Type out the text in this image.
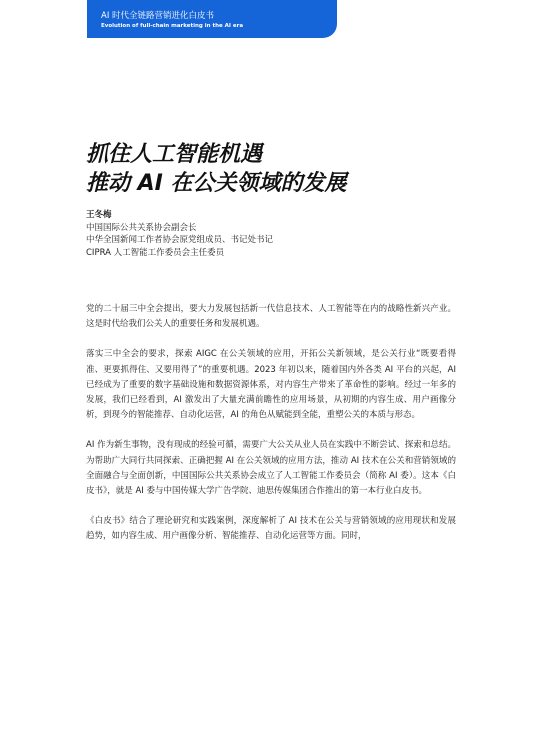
AI 时代全链路营销进化白皮书
Evolution of full-chain marketing in the AI era
抓住人工智能机遇
推动 AI 在公关领域的发展
王冬梅
中国国际公共关系协会副会长
中华全国新闻工作者协会原党组成员、书记处书记
CIPRA 人工智能工作委员会主任委员

党的二十届三中全会提出，要大力发展包括新一代信息技术、人工智能等在内的战略性新兴产业。这是时代给我们公关人的重要任务和发展机遇。

落实三中全会的要求，探索 AIGC 在公关领域的应用，开拓公关新领域，是公关行业“既要看得准、更要抓得住、又要用得了”的重要机遇。2023 年初以来，随着国内外各类 AI 平台的兴起，AI 已经成为了重要的数字基础设施和数据资源体系，对内容生产带来了革命性的影响。经过一年多的发展，我们已经看到，AI 激发出了大量充满前瞻性的应用场景，从初期的内容生成、用户画像分析，到现今的智能推荐、自动化运营，AI 的角色从赋能到全能，重塑公关的本质与形态。

AI 作为新生事物，没有现成的经验可循，需要广大公关从业人员在实践中不断尝试、探索和总结。为帮助广大同行共同探索、正确把握 AI 在公关领域的应用方法，推动 AI 技术在公关和营销领域的全面融合与全面创新，中国国际公共关系协会成立了人工智能工作委员会（简称 AI 委）。这本《白皮书》，就是 AI 委与中国传媒大学广告学院、迪思传媒集团合作推出的第一本行业白皮书。

《白皮书》结合了理论研究和实践案例，深度解析了 AI 技术在公关与营销领域的应用现状和发展趋势，如内容生成、用户画像分析、智能推荐、自动化运营等方面。同时，
